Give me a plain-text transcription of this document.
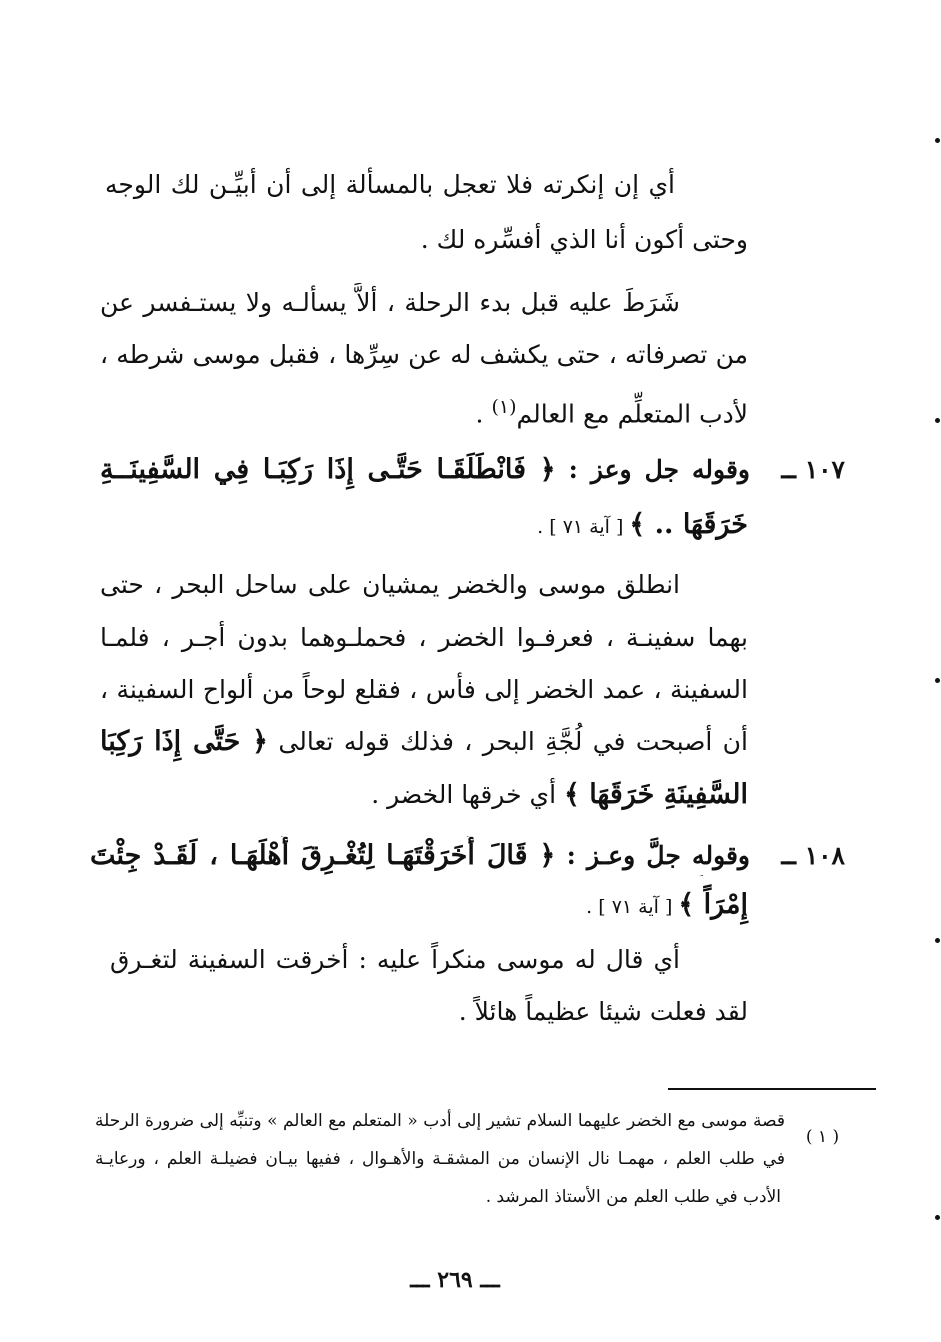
أي إن إنكرته فلا تعجل بالمسألة إلى أن أبيِّـن لك الوجه
وحتى أكون أنا الذي أفسِّره لك .
شَرَطَ عليه قبل بدء الرحلة ، ألاَّ يسألـه ولا يستـفسر عن
من تصرفاته ، حتى يكشف له عن سِرِّها ، فقبل موسى شرطه ،
لأدب المتعلِّم مع العالم$^{(١)}$ .
١٠٧ ــ
وقوله جل وعز : ﴿ فَانْطَلَقَـا حَتَّـى إِذَا رَكِبَـا فِي السَّفِينَــةِ
خَرَقَهَا .. ﴾ [ آية ٧١ ] .
انطلق موسى والخضر يمشيان على ساحل البحر ، حتى
بهما سفينـة ، فعرفـوا الخضر ، فحملـوهما بدون أجـر ، فلمـا
السفينة ، عمد الخضر إلى فأس ، فقلع لوحاً من ألواح السفينة ،
أن أصبحت في لُجَّةِ البحر ، فذلك قوله تعالى ﴿ حَتَّى إِذَا رَكِبَا
السَّفِينَةِ خَرَقَهَا ﴾ أي خرقها الخضر .
١٠٨ ــ
وقوله جلَّ وعـز : ﴿ قَالَ أَخَرَقْتَهَـا لِتُغْـرِقَ أَهْلَهَـا ، لَقَـدْ جِئْتَ
إِمْرَاً ﴾ [ آية ٧١ ] .
أي قال له موسى منكراً عليه : أخرقت السفينة لتغـرق
لقد فعلت شيئا عظيماً هائلاً .
( ١ )
قصة موسى مع الخضر عليهما السلام تشير إلى أدب « المتعلم مع العالم » وتنبِّه إلى ضرورة الرحلة
في طلب العلم ، مهمـا نال الإنسان من المشقـة والأهـوال ، ففيها بيـان فضيلـة العلم ، ورعايـة
الأدب في طلب العلم من الأستاذ المرشد .
ـــ ٢٦٩ ـــ
